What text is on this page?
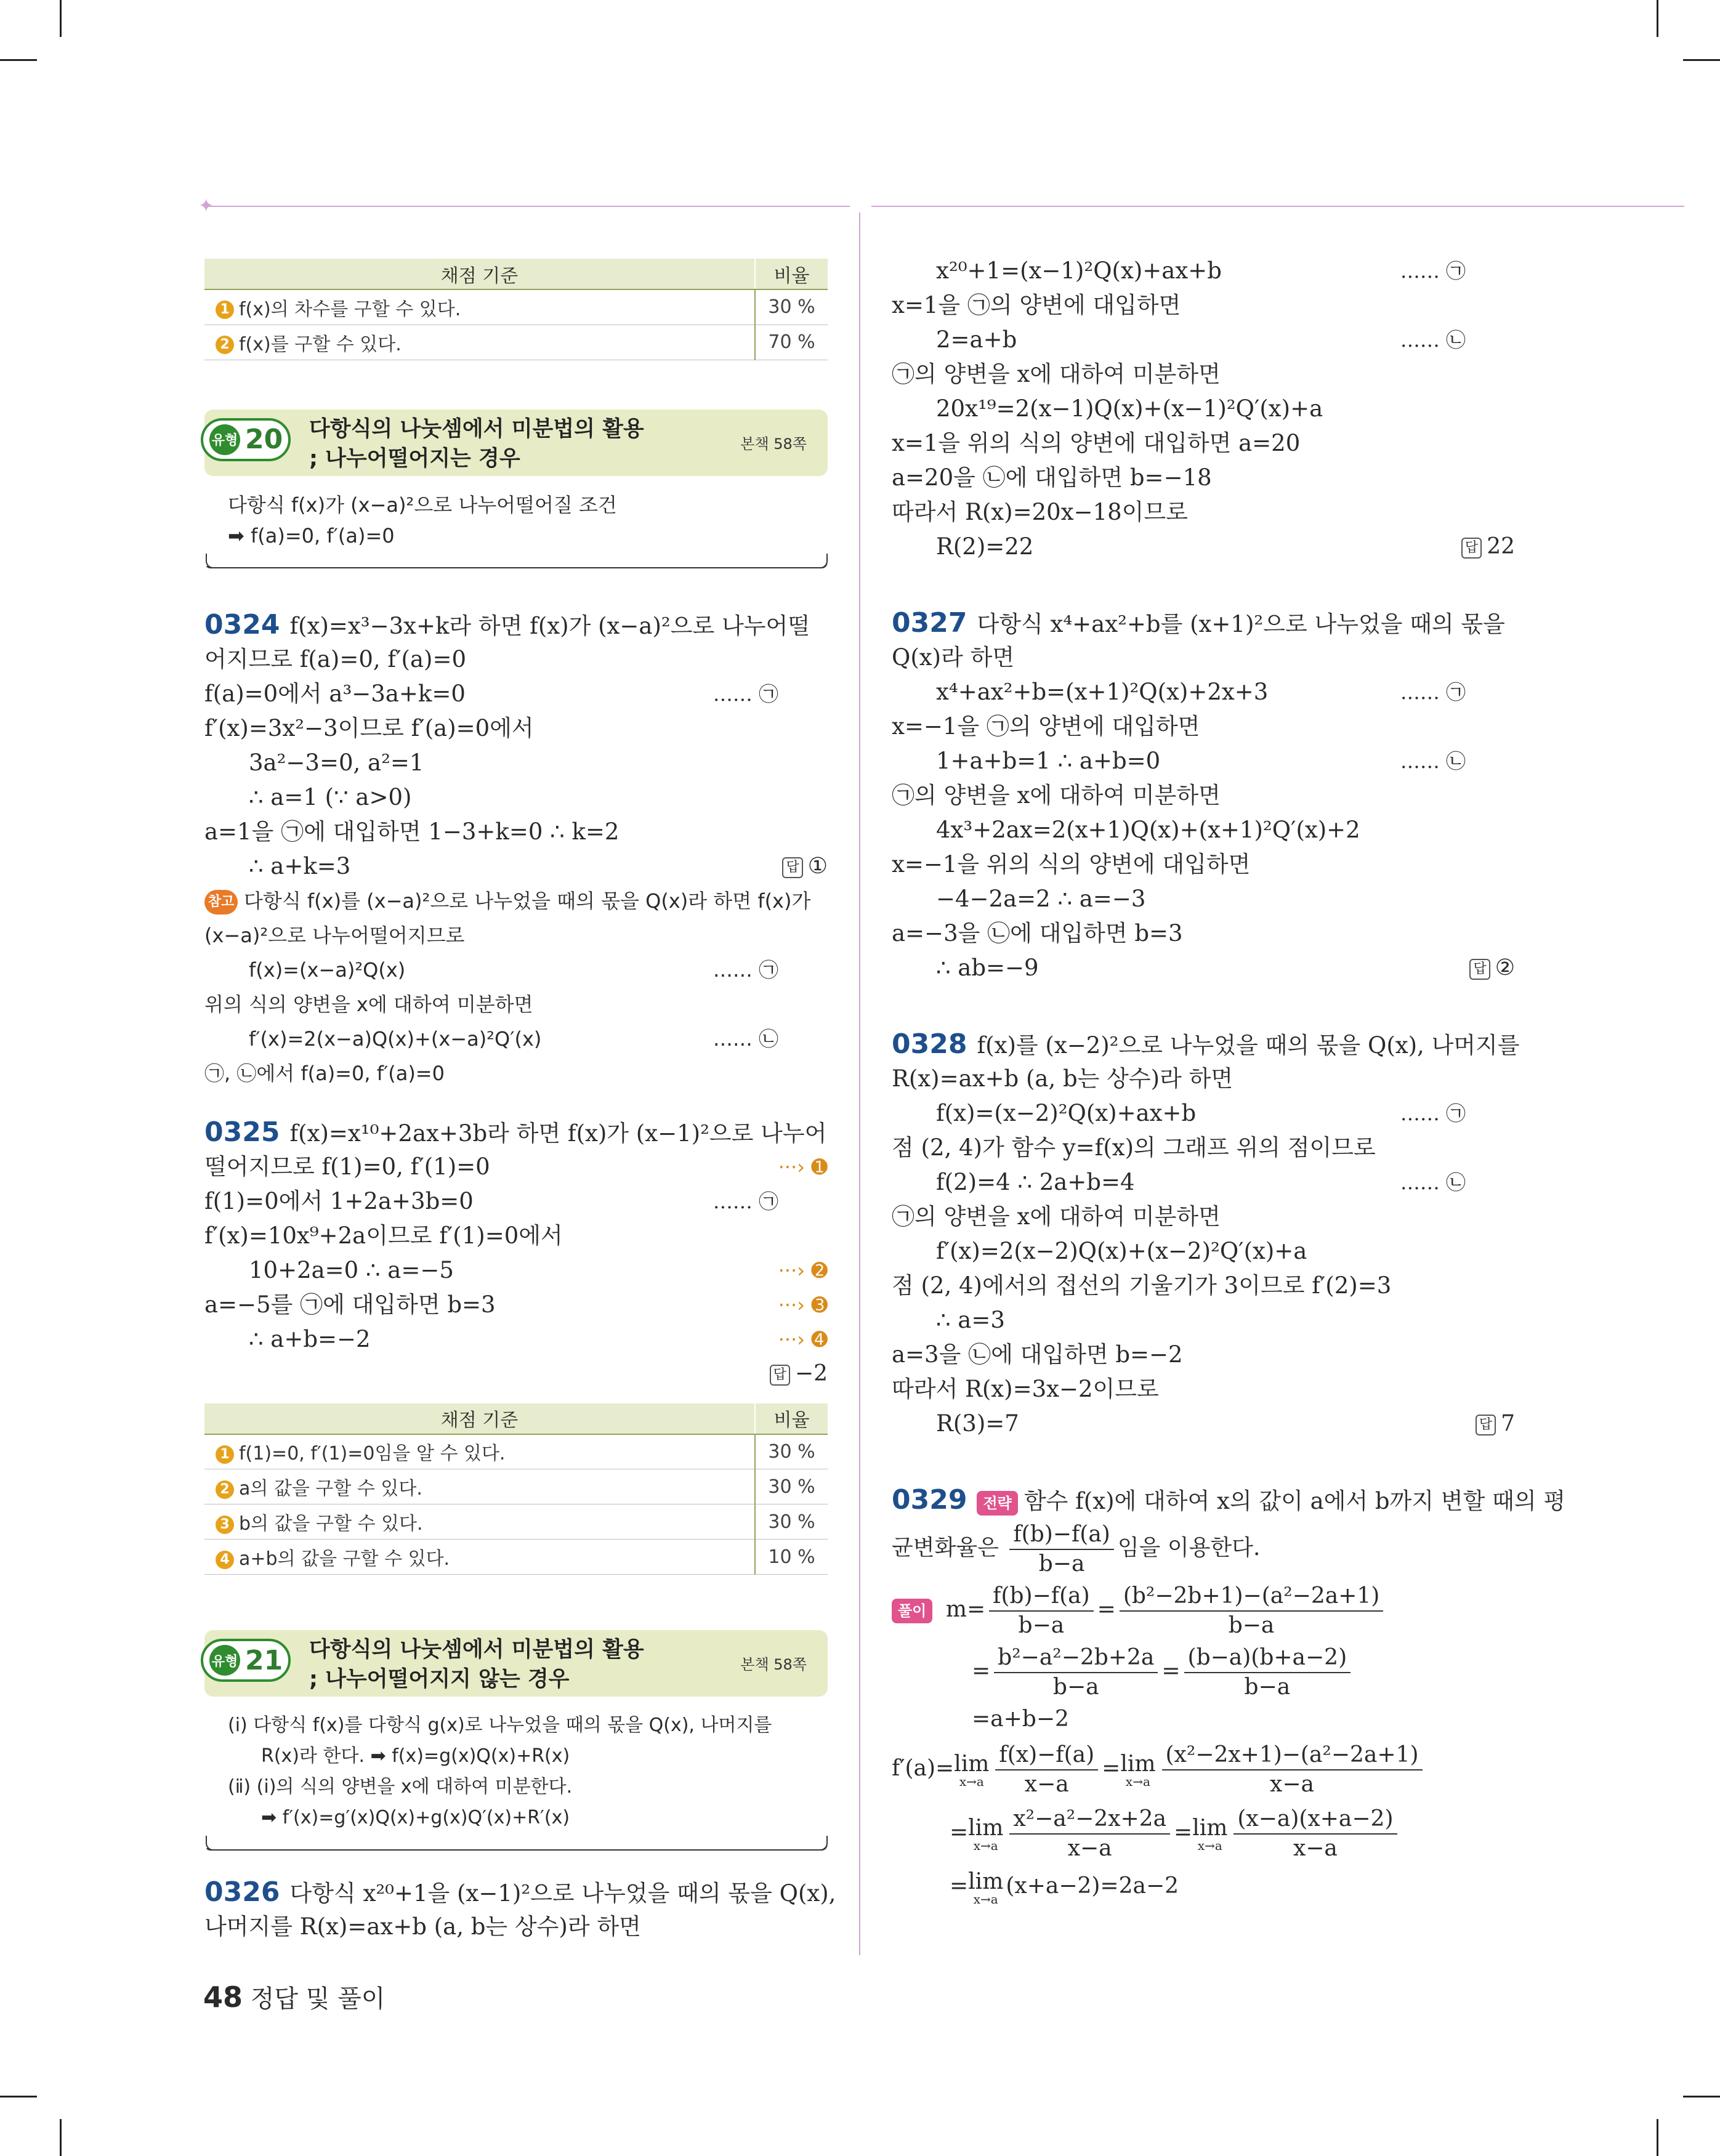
✦
채점 기준	비율
1 f(x)의 차수를 구할 수 있다.	30 %
2 f(x)를 구할 수 있다.	70 %
유형 20 다항식의 나눗셈에서 미분법의 활용
; 나누어떨어지는 경우
본책 58쪽
다항식 f(x)가 (x−a)²으로 나누어떨어질 조건
➡ f(a)=0, f′(a)=0
0324 f(x)=x³−3x+k라 하면 f(x)가 (x−a)²으로 나누어떨
어지므로 f(a)=0, f′(a)=0
f(a)=0에서 a³−3a+k=0	…… ㉠
f′(x)=3x²−3이므로 f′(a)=0에서
3a²−3=0, a²=1
∴ a=1 (∵ a>0)
a=1을 ㉠에 대입하면 1−3+k=0 ∴ k=2
∴ a+k=3	답 ①
참고 다항식 f(x)를 (x−a)²으로 나누었을 때의 몫을 Q(x)라 하면 f(x)가
(x−a)²으로 나누어떨어지므로
f(x)=(x−a)²Q(x)	…… ㉠
위의 식의 양변을 x에 대하여 미분하면
f′(x)=2(x−a)Q(x)+(x−a)²Q′(x)	…… ㉡
㉠, ㉡에서 f(a)=0, f′(a)=0
0325 f(x)=x¹⁰+2ax+3b라 하면 f(x)가 (x−1)²으로 나누어
떨어지므로 f(1)=0, f′(1)=0	···› ➊
f(1)=0에서 1+2a+3b=0	…… ㉠
f′(x)=10x⁹+2a이므로 f′(1)=0에서
10+2a=0 ∴ a=−5	···› ➋
a=−5를 ㉠에 대입하면 b=3	···› ➌
∴ a+b=−2	···› ➍
답 −2
채점 기준	비율
1 f(1)=0, f′(1)=0임을 알 수 있다.	30 %
2 a의 값을 구할 수 있다.	30 %
3 b의 값을 구할 수 있다.	30 %
4 a+b의 값을 구할 수 있다.	10 %
유형 21 다항식의 나눗셈에서 미분법의 활용
; 나누어떨어지지 않는 경우
본책 58쪽
(ⅰ) 다항식 f(x)를 다항식 g(x)로 나누었을 때의 몫을 Q(x), 나머지를
R(x)라 한다. ➡ f(x)=g(x)Q(x)+R(x)
(ⅱ) (ⅰ)의 식의 양변을 x에 대하여 미분한다.
➡ f′(x)=g′(x)Q(x)+g(x)Q′(x)+R′(x)
0326 다항식 x²⁰+1을 (x−1)²으로 나누었을 때의 몫을 Q(x),
나머지를 R(x)=ax+b (a, b는 상수)라 하면
x²⁰+1=(x−1)²Q(x)+ax+b	…… ㉠
x=1을 ㉠의 양변에 대입하면
2=a+b	…… ㉡
㉠의 양변을 x에 대하여 미분하면
20x¹⁹=2(x−1)Q(x)+(x−1)²Q′(x)+a
x=1을 위의 식의 양변에 대입하면 a=20
a=20을 ㉡에 대입하면 b=−18
따라서 R(x)=20x−18이므로
R(2)=22	답 22
0327 다항식 x⁴+ax²+b를 (x+1)²으로 나누었을 때의 몫을
Q(x)라 하면
x⁴+ax²+b=(x+1)²Q(x)+2x+3	…… ㉠
x=−1을 ㉠의 양변에 대입하면
1+a+b=1 ∴ a+b=0	…… ㉡
㉠의 양변을 x에 대하여 미분하면
4x³+2ax=2(x+1)Q(x)+(x+1)²Q′(x)+2
x=−1을 위의 식의 양변에 대입하면
−4−2a=2 ∴ a=−3
a=−3을 ㉡에 대입하면 b=3
∴ ab=−9	답 ②
0328 f(x)를 (x−2)²으로 나누었을 때의 몫을 Q(x), 나머지를
R(x)=ax+b (a, b는 상수)라 하면
f(x)=(x−2)²Q(x)+ax+b	…… ㉠
점 (2, 4)가 함수 y=f(x)의 그래프 위의 점이므로
f(2)=4 ∴ 2a+b=4	…… ㉡
㉠의 양변을 x에 대하여 미분하면
f′(x)=2(x−2)Q(x)+(x−2)²Q′(x)+a
점 (2, 4)에서의 접선의 기울기가 3이므로 f′(2)=3
∴ a=3
a=3을 ㉡에 대입하면 b=−2
따라서 R(x)=3x−2이므로
R(3)=7	답 7
0329 전략 함수 f(x)에 대하여 x의 값이 a에서 b까지 변할 때의 평
균변화율은 $\frac{f(b)-f(a)}{b-a}$ 임을 이용한다.
풀이 $m= \frac{f(b)-f(a)}{b-a} = \frac{\text{(b²−2b+1)−(a²−2a+1)}}{b-a}$
= $\frac{\text{b²−a²−2b+2a}}{b-a} = \frac{(b-a)(b+a-2)}{b-a}$
=a+b−2
f′(a)=lim
$x\to a \frac{f(x)-f(a)}{x-a} =\lim$
$x\to a \frac{\text{(x²−2x+1)−(a²−2a+1)}}{x-a}$
=lim
$x\to a \frac{\text{x²−a²−2x+2a}}{x-a} =\lim$
$x\to a \frac{(x-a)(x+a-2)}{x-a}$
=lim
x→a
(x+a−2)=2a−2
48 정답 및 풀이
